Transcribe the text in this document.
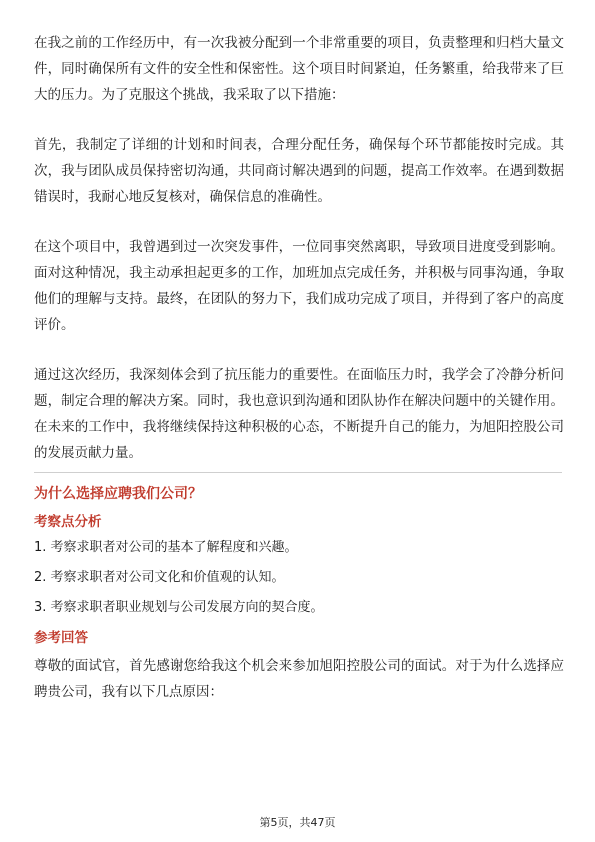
在我之前的工作经历中，有一次我被分配到一个非常重要的项目，负责整理和归档大量文件，同时确保所有文件的安全性和保密性。这个项目时间紧迫，任务繁重，给我带来了巨大的压力。为了克服这个挑战，我采取了以下措施：

首先，我制定了详细的计划和时间表，合理分配任务，确保每个环节都能按时完成。其次，我与团队成员保持密切沟通，共同商讨解决遇到的问题，提高工作效率。在遇到数据错误时，我耐心地反复核对，确保信息的准确性。

在这个项目中，我曾遇到过一次突发事件，一位同事突然离职，导致项目进度受到影响。面对这种情况，我主动承担起更多的工作，加班加点完成任务，并积极与同事沟通，争取他们的理解与支持。最终，在团队的努力下，我们成功完成了项目，并得到了客户的高度评价。

通过这次经历，我深刻体会到了抗压能力的重要性。在面临压力时，我学会了冷静分析问题，制定合理的解决方案。同时，我也意识到沟通和团队协作在解决问题中的关键作用。在未来的工作中，我将继续保持这种积极的心态，不断提升自己的能力，为旭阳控股公司的发展贡献力量。

为什么选择应聘我们公司？
考察点分析
1. 考察求职者对公司的基本了解程度和兴趣。
2. 考察求职者对公司文化和价值观的认知。
3. 考察求职者职业规划与公司发展方向的契合度。
参考回答

尊敬的面试官，首先感谢您给我这个机会来参加旭阳控股公司的面试。对于为什么选择应聘贵公司，我有以下几点原因：

第5页，共47页
